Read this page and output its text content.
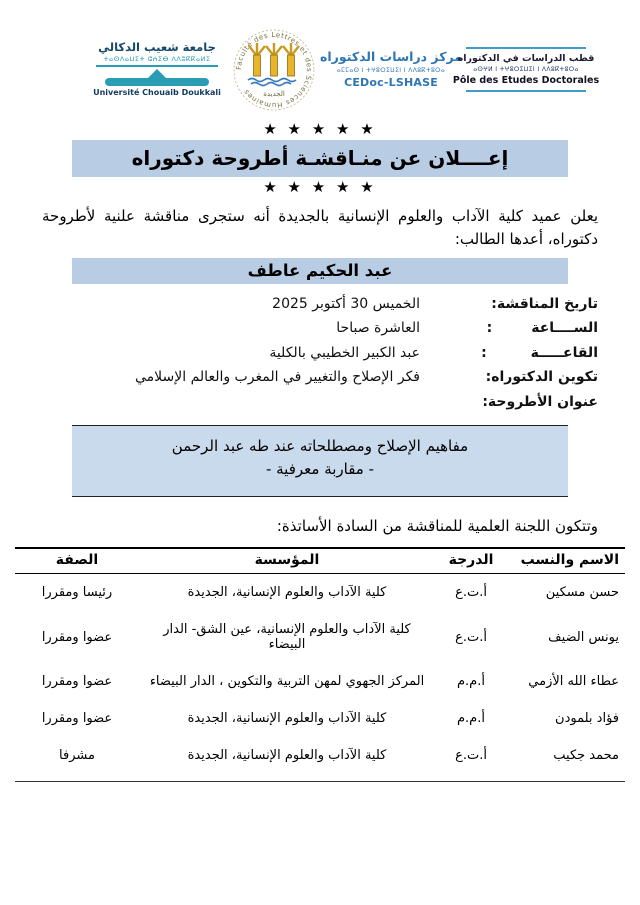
جامعة شعيب الدكالي
ⵜⴰⵙⴷⴰⵡⵉⵜ ⵛⵄⵉⴱ ⴷⴷⵓⴽⴽⴰⵍⵉ
Université Chouaib Doukkali
Faculté des Lettres et des Sciences Humaines	الجديدة
مركز دراسات الدكتوراه
ⴰⵎⵎⴰⵙ ⵏ ⵜⵖⵓⵔⵉⵡⵉⵏ ⵏ ⴷⴷⵓⴽⵜⵓⵔⴰ
CEDoc-LSHASE
قطب الدراسات في الدكتوراه
ⴰⵙⵖⵍ ⵏ ⵜⵖⵓⵔⵉⵡⵉⵏ ⵏ ⴷⴷⵓⴽⵜⵓⵔⴰ
Pôle des Etudes Doctorales
★ ★ ★ ★ ★
إعــــلان عن منـاقشـة أطروحة دكتوراه
★ ★ ★ ★ ★
يعلن عميد كلية الآداب والعلوم الإنسانية بالجديدة أنه ستجرى مناقشة علنية لأطروحة دكتوراه، أعدها الطالب:
عبد الحكيم عاطف
تاريخ المناقشة:
الخميس 30 أكتوبر 2025
الســــاعة        :
العاشرة صباحا
القاعـــــة         :
عبد الكبير الخطيبي بالكلية
تكوين الدكتوراه:
فكر الإصلاح والتغيير في المغرب والعالم الإسلامي
عنوان الأطروحة:
مفاهيم الإصلاح ومصطلحاته عند طه عبد الرحمن
- مقاربة معرفية -
وتتكون اللجنة العلمية للمناقشة من السادة الأساتذة:
الاسم والنسب	الدرجة	المؤسسة	الصفة
حسن مسكين	أ.ت.ع	كلية الآداب والعلوم الإنسانية، الجديدة	رئيسا ومقررا
يونس الضيف	أ.ت.ع	كلية الآداب والعلوم الإنسانية، عين الشق- الدار البيضاء	عضوا ومقررا
عطاء الله الأزمي	أ.م.م	المركز الجهوي لمهن التربية والتكوين ، الدار البيضاء	عضوا ومقررا
فؤاد بلمودن	أ.م.م	كلية الآداب والعلوم الإنسانية، الجديدة	عضوا ومقررا
محمد جكيب	أ.ت.ع	كلية الآداب والعلوم الإنسانية، الجديدة	مشرفا
